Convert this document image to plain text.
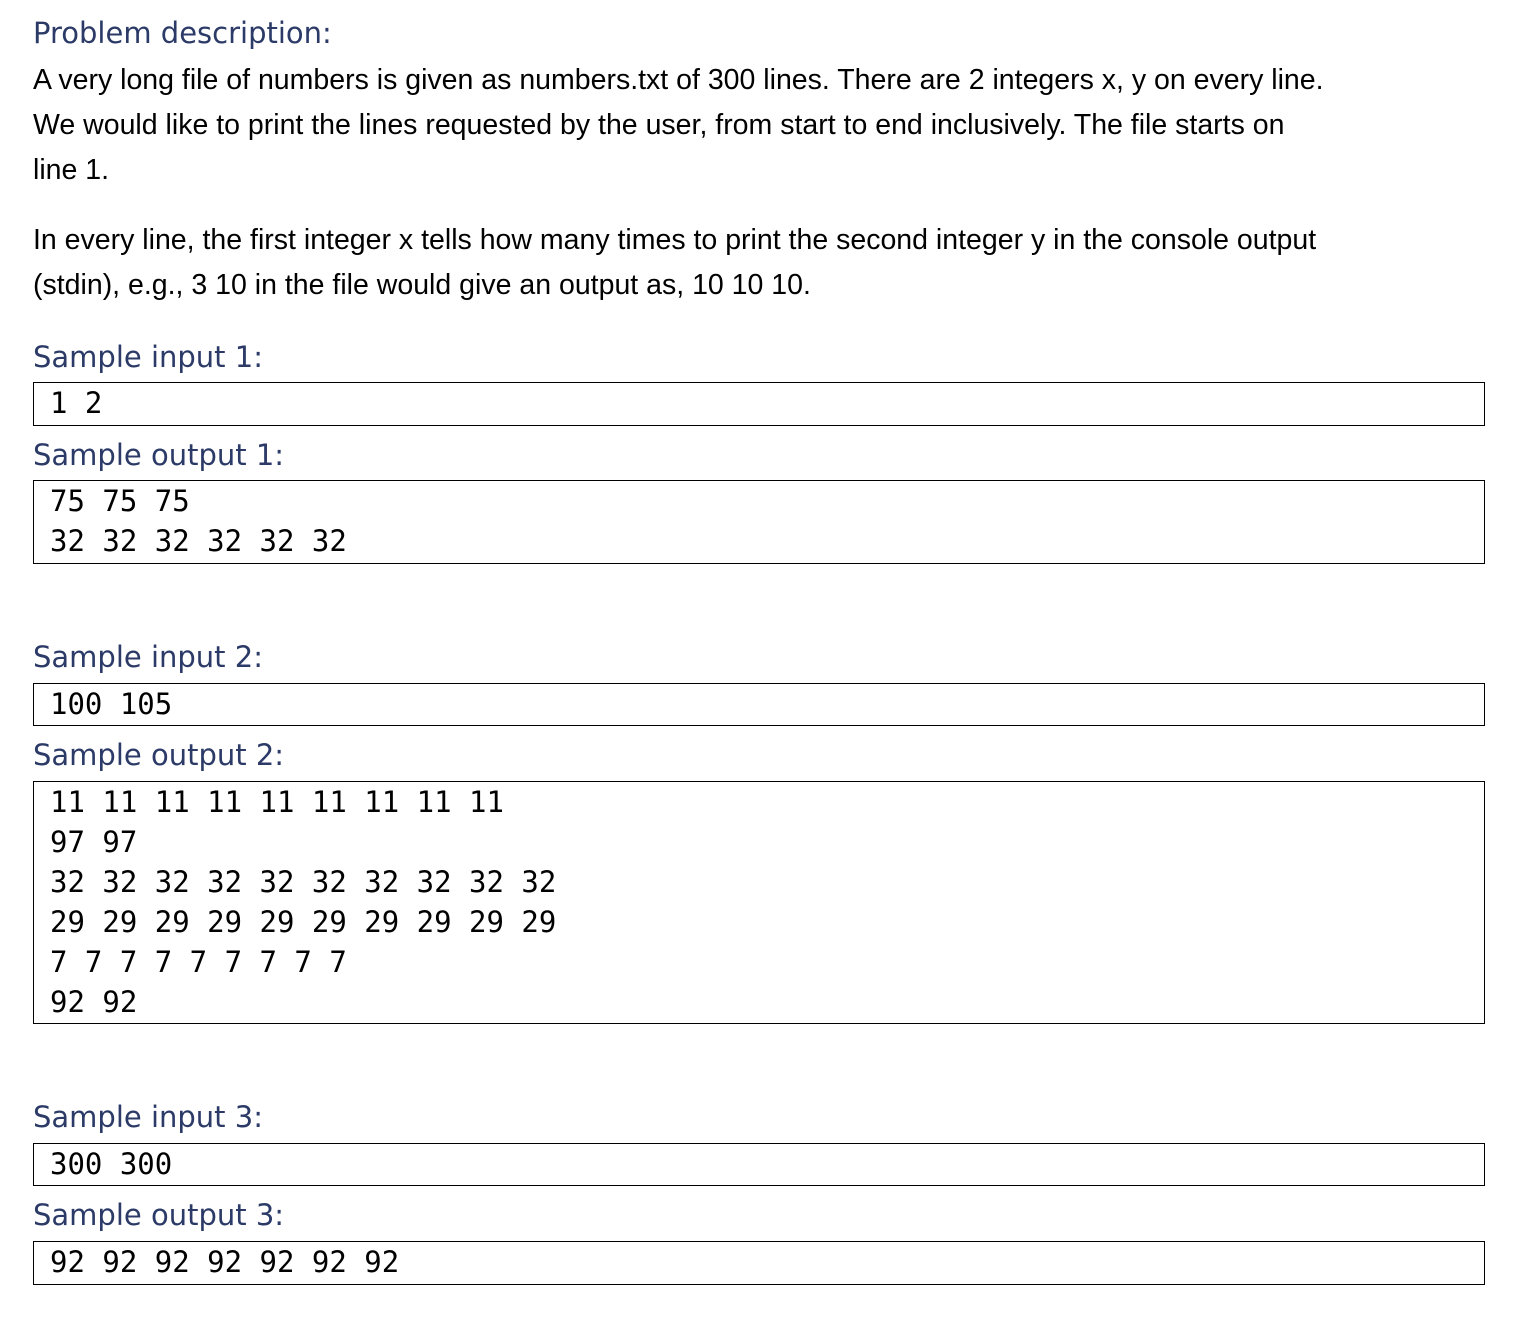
Problem description:
A very long file of numbers is given as numbers.txt of 300 lines. There are 2 integers x, y on every line.
We would like to print the lines requested by the user, from start to end inclusively. The file starts on
line 1.
In every line, the first integer x tells how many times to print the second integer y in the console output
(stdin), e.g., 3 10 in the file would give an output as, 10 10 10.
Sample input 1:
1 2
Sample output 1:
75 75 75
32 32 32 32 32 32
Sample input 2:
100 105
Sample output 2:
11 11 11 11 11 11 11 11 11
97 97
32 32 32 32 32 32 32 32 32 32
29 29 29 29 29 29 29 29 29 29
7 7 7 7 7 7 7 7 7
92 92
Sample input 3:
300 300
Sample output 3:
92 92 92 92 92 92 92
